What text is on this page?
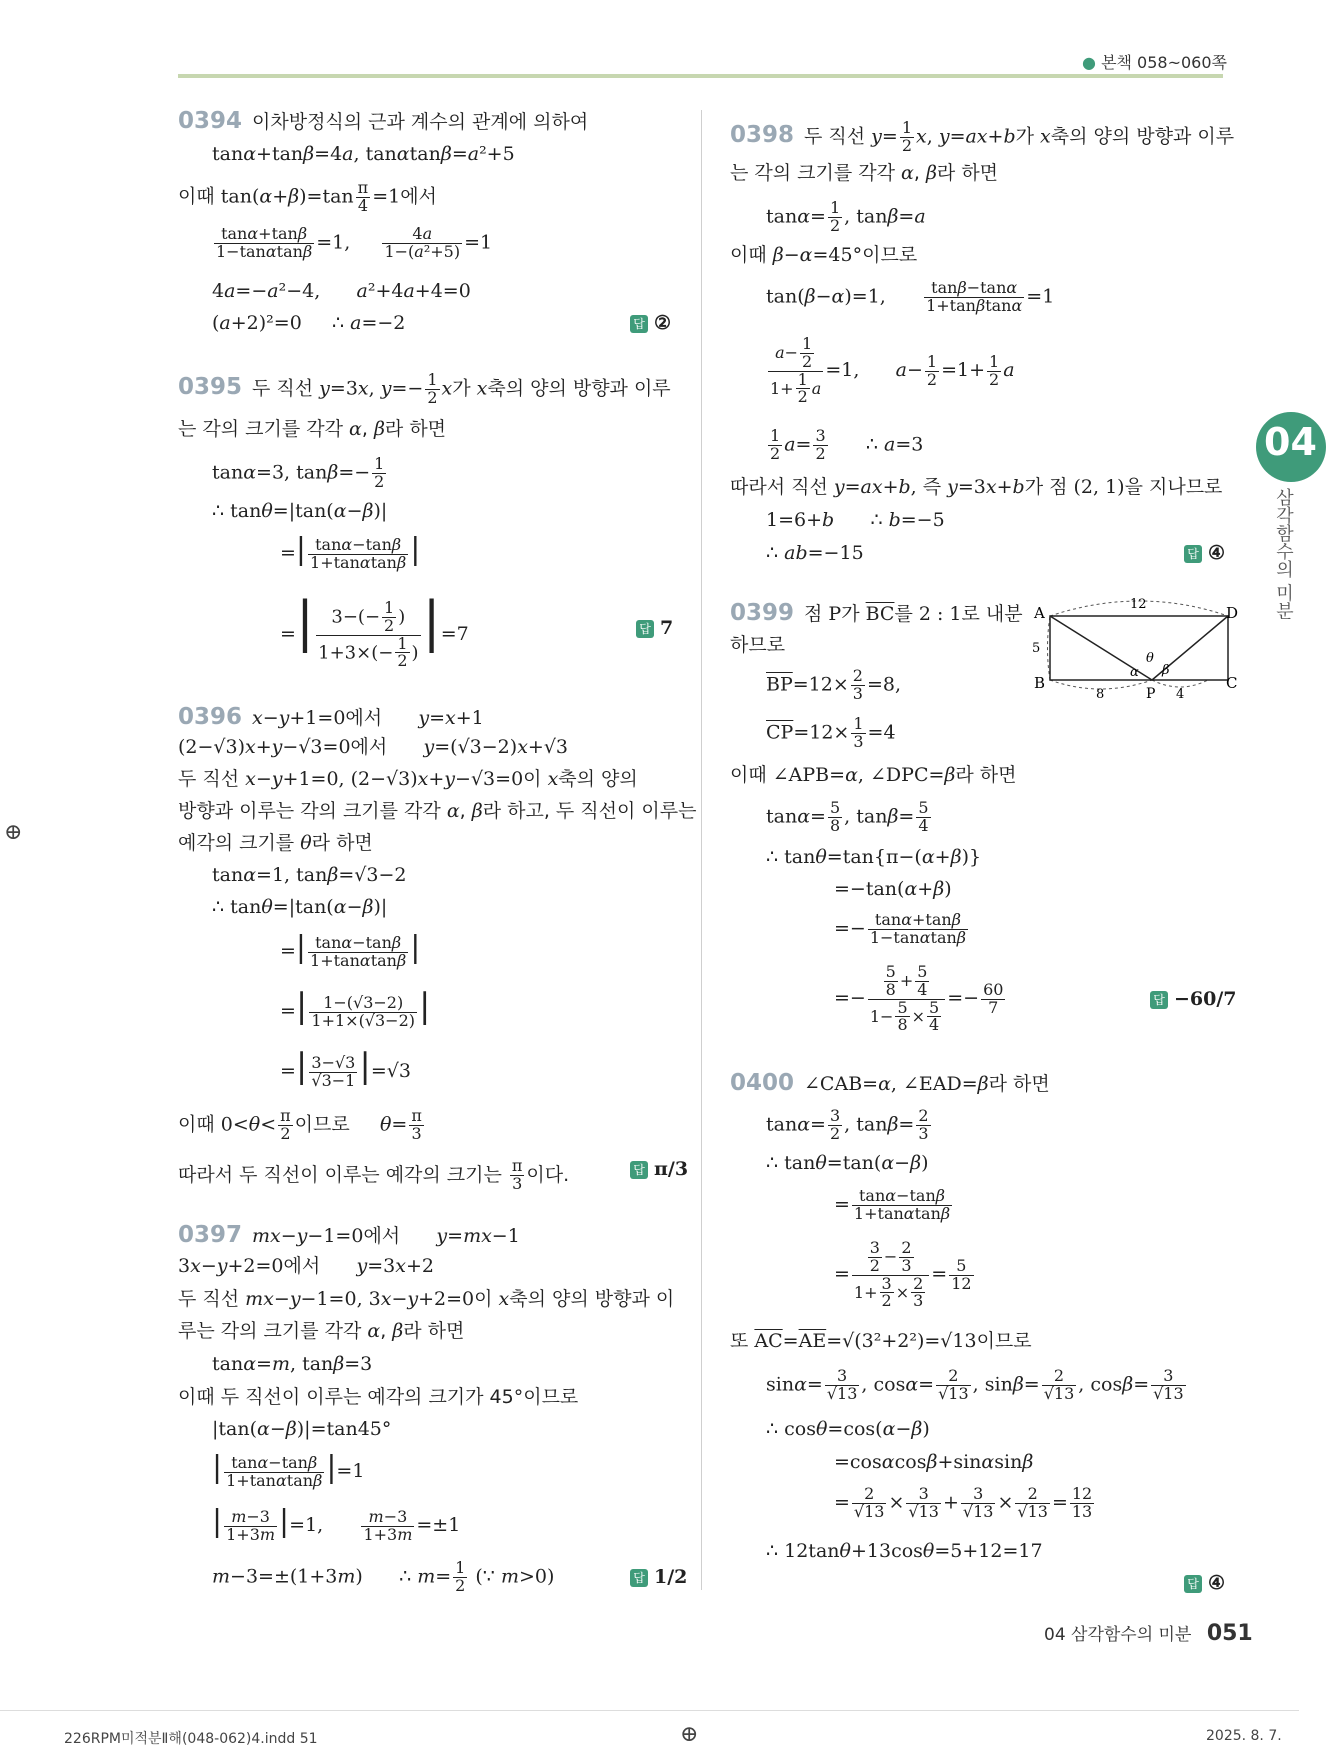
● 본책 058~060쪽
04
삼각함수의 미분
0394 이차방정식의 근과 계수의 관계에 의하여
tanα+tanβ=4a, tanαtanβ=a²+5
이때 $\tan(\alpha+\beta)=\tan \frac{\pi}{4} =1$에서
$\frac{\tan\alpha+\tan\beta}{1-\tan\alpha\tan\beta} =1$, $\frac{4a}{\text{1−(a²+5)}} =1$
4a=−a²−4,      a²+4a+4=0
(a+2)²=0     ∴ a=−2	답 ②
0395 두 직선 y=3x, $y=- \frac{1}{2}$ x가 x축의 양의 방향과 이루
는 각의 크기를 각각 α, β라 하면
tanα=3, $\tan\beta=- \frac{1}{2}$
∴ tanθ=|tan(α−β)|
=| $\frac{\tan\alpha-\tan\beta}{1+\tan\alpha\tan\beta}$ |
=| $\frac{3-(- \frac{1}{2} )}{1+3\times(- \frac{1}{2} )} |=7$	답 7
0396 x−y+1=0에서 y=x+1
(2−√3)x+y−√3=0에서 y=(√3−2)x+√3
두 직선 x−y+1=0, (2−√3)x+y−√3=0이 x축의 양의
방향과 이루는 각의 크기를 각각 α, β라 하고, 두 직선이 이루는
예각의 크기를 θ라 하면
tanα=1, tanβ=√3−2
∴ tanθ=|tan(α−β)|
=| $\frac{\tan\alpha-\tan\beta}{1+\tan\alpha\tan\beta}$ |
=| $\frac{1-(√3-2)}{1+1\times(√3-2)}$ |
=| $\frac{3-√3}{√3-1} |=√3$
이때 $0<\theta< \frac{\pi}{2}$ 이므로 $\theta= \frac{\pi}{3}$
따라서 두 직선이 이루는 예각의 크기는 $\frac{\pi}{3}$ 이다.	답 π/3
0397 mx−y−1=0에서 y=mx−1
3x−y+2=0에서 y=3x+2
두 직선 mx−y−1=0, 3x−y+2=0이 x축의 양의 방향과 이
루는 각의 크기를 각각 α, β라 하면
tanα=m, tanβ=3
이때 두 직선이 이루는 예각의 크기가 45°이므로
|tan(α−β)|=tan45°
| $\frac{\tan\alpha-\tan\beta}{1+\tan\alpha\tan\beta} |=1$
| $\frac{m-3}{1+3m} |=1$, $\frac{m-3}{1+3m} =\pm 1$
m−3=±(1+3m)      ∴ $m= \frac{1}{2}$ (∵ m>0)	답 1/2
0398 두 직선 $y= \frac{1}{2} x$, y=ax+b가 x축의 양의 방향과 이루
는 각의 크기를 각각 α, β라 하면
$\tan\alpha= \frac{1}{2}$ , tanβ=a
이때 β−α=45°이므로
tan(β−α)=1, $\frac{\tan\beta-\tan\alpha}{1+\tan\beta\tan\alpha} =1$
$\frac{a- \frac{1}{2}}{1+ \frac{1}{2} a} =1$,      $a- \frac{1}{2} =1+ \frac{1}{2}$ a
$\frac{1}{2} a= \frac{3}{2}$ ∴ a=3
따라서 직선 y=ax+b, 즉 y=3x+b가 점 (2, 1)을 지나므로
1=6+b      ∴ b=−5
∴ ab=−15	답 ④
0399 점 P가 $\overline{BC}$를 2 : 1로 내분
하므로
$\overline{BP}=12\times \frac{2}{3} =8$,
$\overline{CP}=12\times \frac{1}{3} =4$
이때 ∠APB=α, ∠DPC=β라 하면
$\tan\alpha= \frac{5}{8}$ , $\tan\beta= \frac{5}{4}$
∴ tanθ=tan{π−(α+β)}
=−tan(α+β)
=− $\frac{\tan\alpha+\tan\beta}{1-\tan\alpha\tan\beta}$
=− $\frac{\frac{5}{8} + \frac{5}{4}}{1- \frac{5}{8} \times \frac{5}{4}} =- \frac{60}{7}$	답 −60/7
A
B	C
D
P
12
5
8	4
θ
α β
0400 ∠CAB=α, ∠EAD=β라 하면
$\tan\alpha= \frac{3}{2}$ , $\tan\beta= \frac{2}{3}$
∴ tanθ=tan(α−β)
= $\frac{\tan\alpha-\tan\beta}{1+\tan\alpha\tan\beta}$
= $\frac{\frac{3}{2} - \frac{2}{3}}{1+ \frac{3}{2} \times \frac{2}{3}} = \frac{5}{12}$
또 $\overline{AC}=\overline{AE}=√(3^2+2^2)=√13$이므로
$\sin\alpha= \frac{3}{√13}$ , $\cos\alpha= \frac{2}{√13}$ , $\sin\beta= \frac{2}{√13}$ , $\cos\beta= \frac{3}{√13}$
∴ cosθ=cos(α−β)
=cosαcosβ+sinαsinβ
= $\frac{2}{√13} \times \frac{3}{√13} + \frac{3}{√13} \times \frac{2}{√13} = \frac{12}{13}$
∴ 12tanθ+13cosθ=5+12=17
답 ④
04 삼각함수의 미분 051
226RPM미적분Ⅱ해(048-062)4.indd 51	⊕
⊕
2025. 8. 7.
